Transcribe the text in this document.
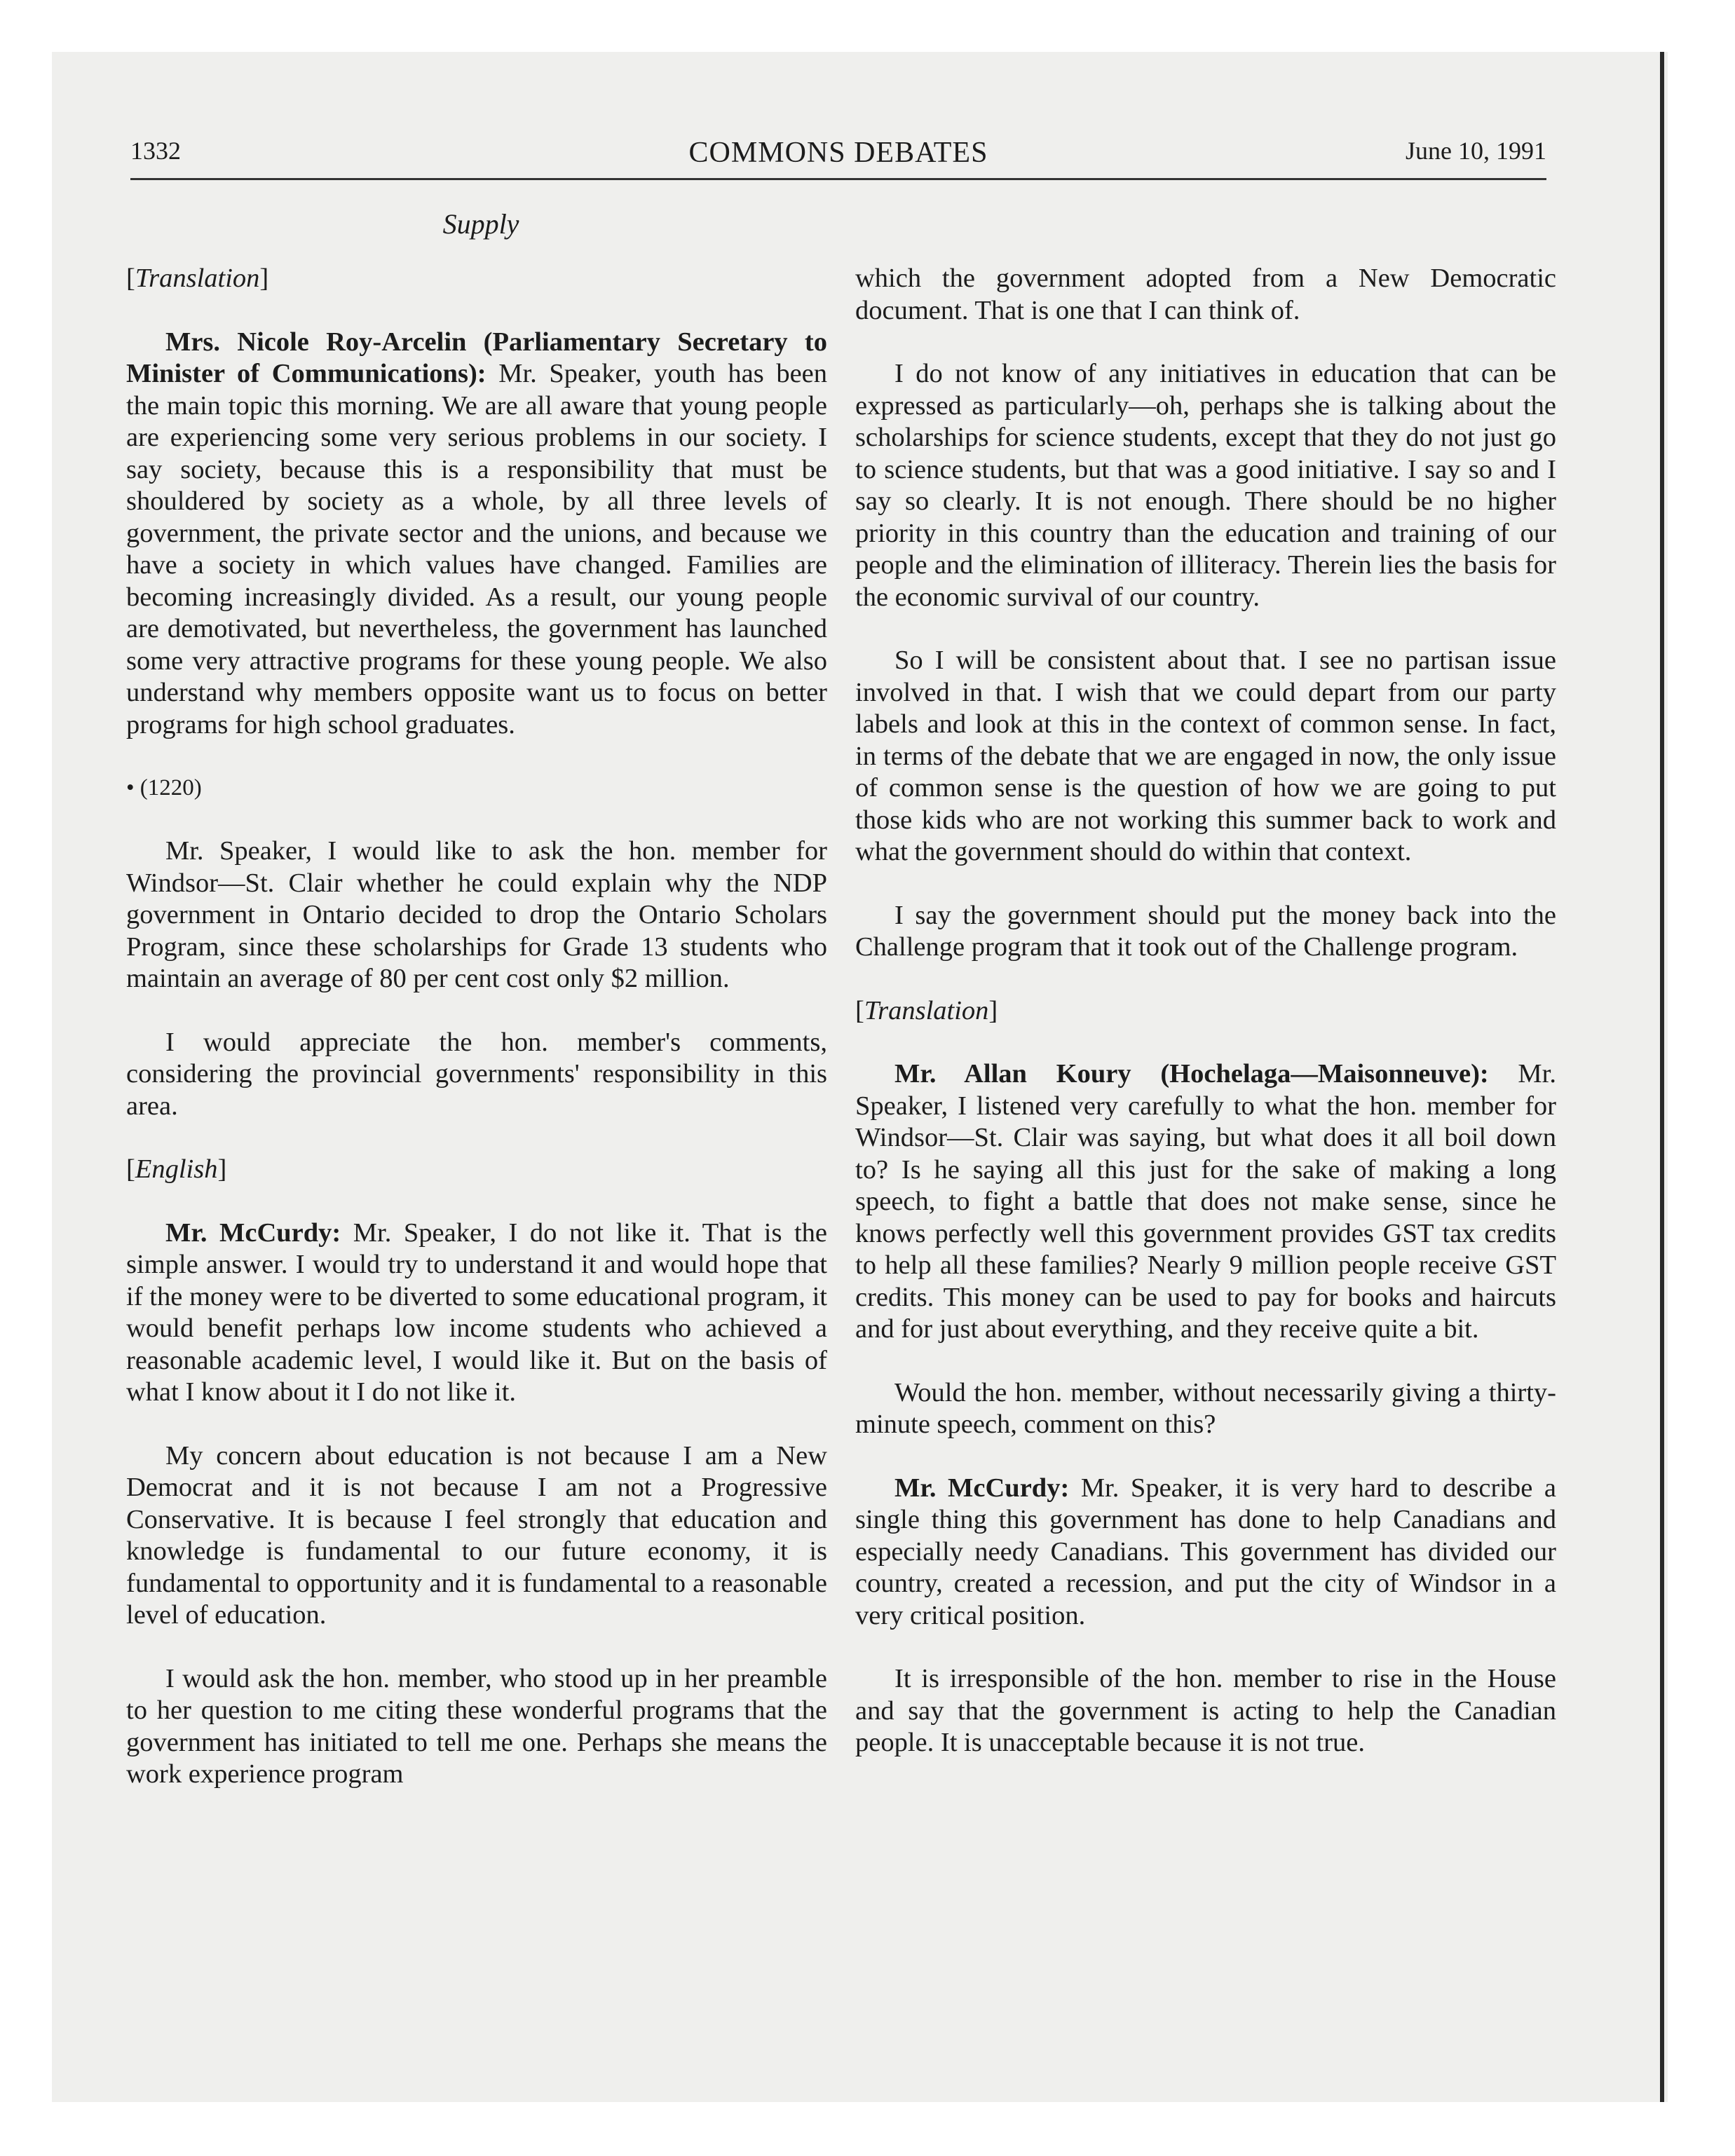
1332	COMMONS DEBATES	June 10, 1991
Supply
[Translation]

Mrs. Nicole Roy-Arcelin (Parliamentary Secretary to Minister of Communications): Mr. Speaker, youth has been the main topic this morning. We are all aware that young people are experiencing some very serious problems in our society. I say society, because this is a responsibility that must be shouldered by society as a whole, by all three levels of government, the private sector and the unions, and because we have a society in which values have changed. Families are becoming increasingly divided. As a result, our young people are demotivated, but nevertheless, the government has launched some very attractive programs for these young people. We also understand why members opposite want us to focus on better programs for high school graduates.

• (1220)

Mr. Speaker, I would like to ask the hon. member for Windsor—St. Clair whether he could explain why the NDP government in Ontario decided to drop the Ontario Scholars Program, since these scholarships for Grade 13 students who maintain an average of 80 per cent cost only $2 million.

I would appreciate the hon. member's comments, considering the provincial governments' responsibility in this area.

[English]

Mr. McCurdy: Mr. Speaker, I do not like it. That is the simple answer. I would try to understand it and would hope that if the money were to be diverted to some educational program, it would benefit perhaps low income students who achieved a reasonable academic level, I would like it. But on the basis of what I know about it I do not like it.

My concern about education is not because I am a New Democrat and it is not because I am not a Progressive Conservative. It is because I feel strongly that education and knowledge is fundamental to our future economy, it is fundamental to opportunity and it is fundamental to a reasonable level of education.

I would ask the hon. member, who stood up in her preamble to her question to me citing these wonderful programs that the government has initiated to tell me one. Perhaps she means the work experience program

which the government adopted from a New Democratic document. That is one that I can think of.

I do not know of any initiatives in education that can be expressed as particularly—oh, perhaps she is talking about the scholarships for science students, except that they do not just go to science students, but that was a good initiative. I say so and I say so clearly. It is not enough. There should be no higher priority in this country than the education and training of our people and the elimination of illiteracy. Therein lies the basis for the economic survival of our country.

So I will be consistent about that. I see no partisan issue involved in that. I wish that we could depart from our party labels and look at this in the context of common sense. In fact, in terms of the debate that we are engaged in now, the only issue of common sense is the question of how we are going to put those kids who are not working this summer back to work and what the government should do within that context.

I say the government should put the money back into the Challenge program that it took out of the Challenge program.

[Translation]

Mr. Allan Koury (Hochelaga—Maisonneuve): Mr. Speaker, I listened very carefully to what the hon. member for Windsor—St. Clair was saying, but what does it all boil down to? Is he saying all this just for the sake of making a long speech, to fight a battle that does not make sense, since he knows perfectly well this government provides GST tax credits to help all these families? Nearly 9 million people receive GST credits. This money can be used to pay for books and haircuts and for just about everything, and they receive quite a bit.

Would the hon. member, without necessarily giving a thirty-minute speech, comment on this?

Mr. McCurdy: Mr. Speaker, it is very hard to describe a single thing this government has done to help Canadians and especially needy Canadians. This government has divided our country, created a recession, and put the city of Windsor in a very critical position.

It is irresponsible of the hon. member to rise in the House and say that the government is acting to help the Canadian people. It is unacceptable because it is not true.
